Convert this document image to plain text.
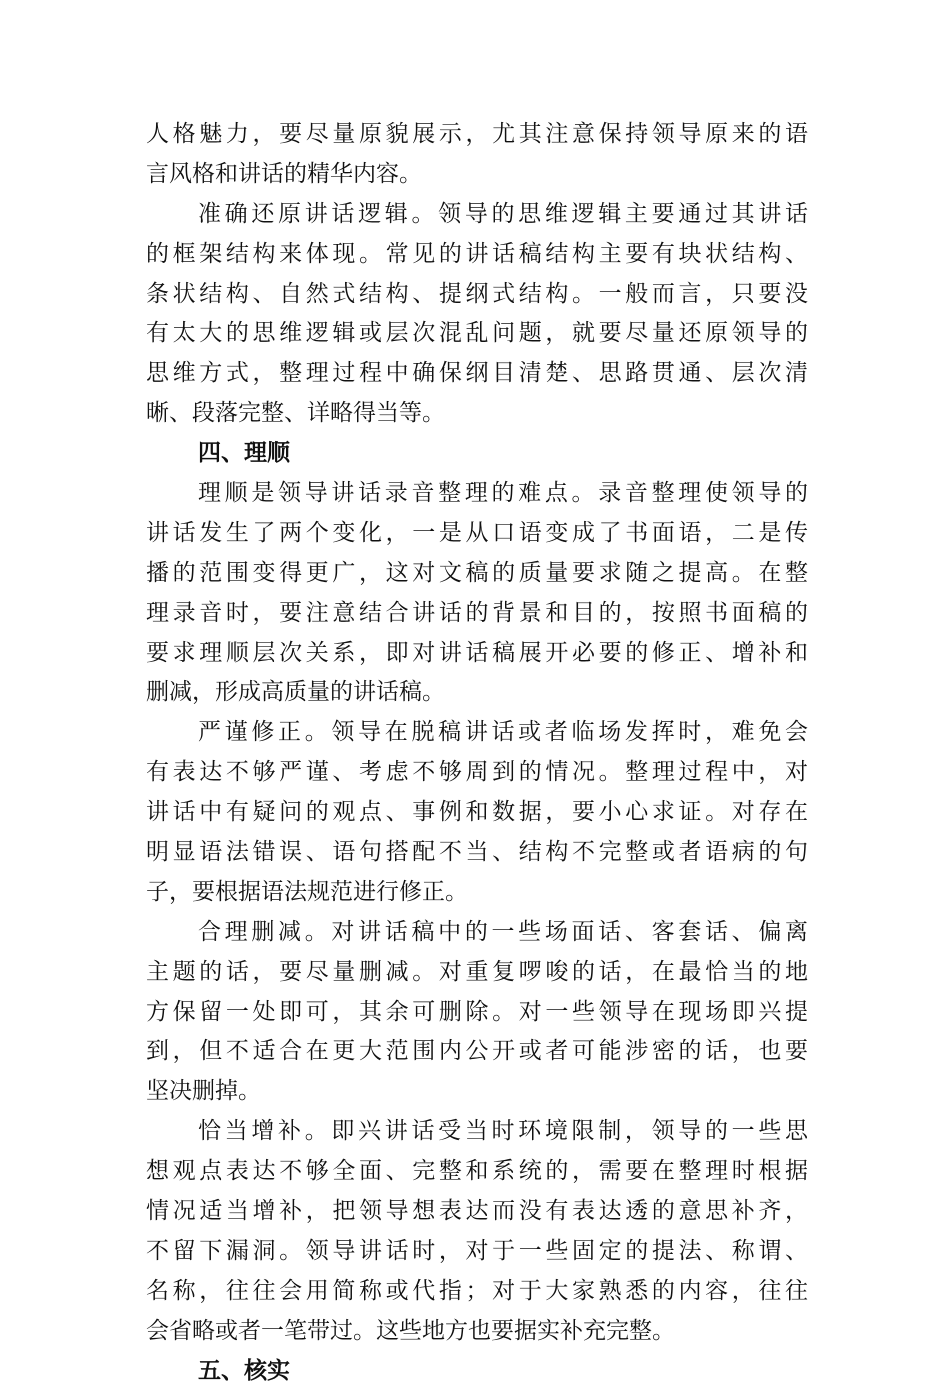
人格魅力，要尽量原貌展示，尤其注意保持领导原来的语
言风格和讲话的精华内容。
准确还原讲话逻辑。领导的思维逻辑主要通过其讲话
的框架结构来体现。常见的讲话稿结构主要有块状结构、
条状结构、自然式结构、提纲式结构。一般而言，只要没
有太大的思维逻辑或层次混乱问题，就要尽量还原领导的
思维方式，整理过程中确保纲目清楚、思路贯通、层次清
晰、段落完整、详略得当等。
四、理顺
理顺是领导讲话录音整理的难点。录音整理使领导的
讲话发生了两个变化，一是从口语变成了书面语，二是传
播的范围变得更广，这对文稿的质量要求随之提高。在整
理录音时，要注意结合讲话的背景和目的，按照书面稿的
要求理顺层次关系，即对讲话稿展开必要的修正、增补和
删减，形成高质量的讲话稿。
严谨修正。领导在脱稿讲话或者临场发挥时，难免会
有表达不够严谨、考虑不够周到的情况。整理过程中，对
讲话中有疑问的观点、事例和数据，要小心求证。对存在
明显语法错误、语句搭配不当、结构不完整或者语病的句
子，要根据语法规范进行修正。
合理删减。对讲话稿中的一些场面话、客套话、偏离
主题的话，要尽量删减。对重复啰唆的话，在最恰当的地
方保留一处即可，其余可删除。对一些领导在现场即兴提
到，但不适合在更大范围内公开或者可能涉密的话，也要
坚决删掉。
恰当增补。即兴讲话受当时环境限制，领导的一些思
想观点表达不够全面、完整和系统的，需要在整理时根据
情况适当增补，把领导想表达而没有表达透的意思补齐，
不留下漏洞。领导讲话时，对于一些固定的提法、称谓、
名称，往往会用简称或代指；对于大家熟悉的内容，往往
会省略或者一笔带过。这些地方也要据实补充完整。
五、核实
